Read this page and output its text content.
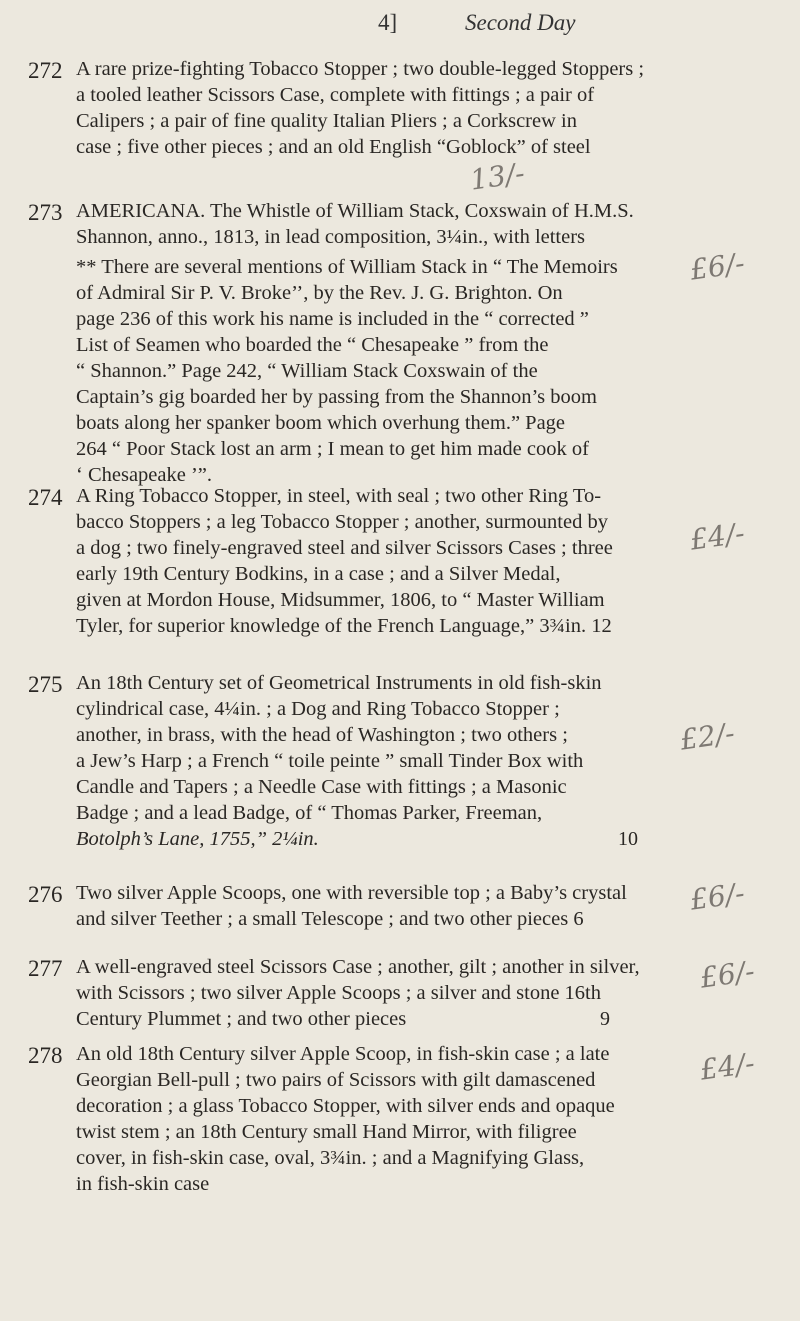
4]	Second Day
272 A rare prize-fighting Tobacco Stopper ; two double-legged Stoppers ;
a tooled leather Scissors Case, complete with fittings ; a pair of
Calipers ; a pair of fine quality Italian Pliers ; a Corkscrew in
case ; five other pieces ; and an old English “Goblock” of steel
13/-
273 AMERICANA. The Whistle of William Stack, Coxswain of H.M.S.
Shannon, anno., 1813, in lead composition, 3¼in., with letters
** There are several mentions of William Stack in “ The Memoirs
of Admiral Sir P. V. Broke’’, by the Rev. J. G. Brighton. On
page 236 of this work his name is included in the “ corrected ”
List of Seamen who boarded the “ Chesapeake ” from the
“ Shannon.” Page 242, “ William Stack Coxswain of the
Captain’s gig boarded her by passing from the Shannon’s boom
boats along her spanker boom which overhung them.” Page
264 “ Poor Stack lost an arm ; I mean to get him made cook of
‘ Chesapeake ’”.
£6/-
274 A Ring Tobacco Stopper, in steel, with seal ; two other Ring To-
bacco Stoppers ; a leg Tobacco Stopper ; another, surmounted by
a dog ; two finely-engraved steel and silver Scissors Cases ; three
early 19th Century Bodkins, in a case ; and a Silver Medal,
given at Mordon House, Midsummer, 1806, to “ Master William
Tyler, for superior knowledge of the French Language,” 3¾in. 12
£4/-
275 An 18th Century set of Geometrical Instruments in old fish-skin
cylindrical case, 4¼in. ; a Dog and Ring Tobacco Stopper ;
another, in brass, with the head of Washington ; two others ;
a Jew’s Harp ; a French “ toile peinte ” small Tinder Box with
Candle and Tapers ; a Needle Case with fittings ; a Masonic
Badge ; and a lead Badge, of “ Thomas Parker, Freeman,
Botolph’s Lane, 1755,” 2¼in.	10
£2/-
276 Two silver Apple Scoops, one with reversible top ; a Baby’s crystal
and silver Teether ; a small Telescope ; and two other pieces 6
£6/-
277 A well-engraved steel Scissors Case ; another, gilt ; another in silver,
with Scissors ; two silver Apple Scoops ; a silver and stone 16th
Century Plummet ; and two other pieces	9
£6/-
278 An old 18th Century silver Apple Scoop, in fish-skin case ; a late
Georgian Bell-pull ; two pairs of Scissors with gilt damascened
decoration ; a glass Tobacco Stopper, with silver ends and opaque
twist stem ; an 18th Century small Hand Mirror, with filigree
cover, in fish-skin case, oval, 3¾in. ; and a Magnifying Glass,
in fish-skin case
£4/-
